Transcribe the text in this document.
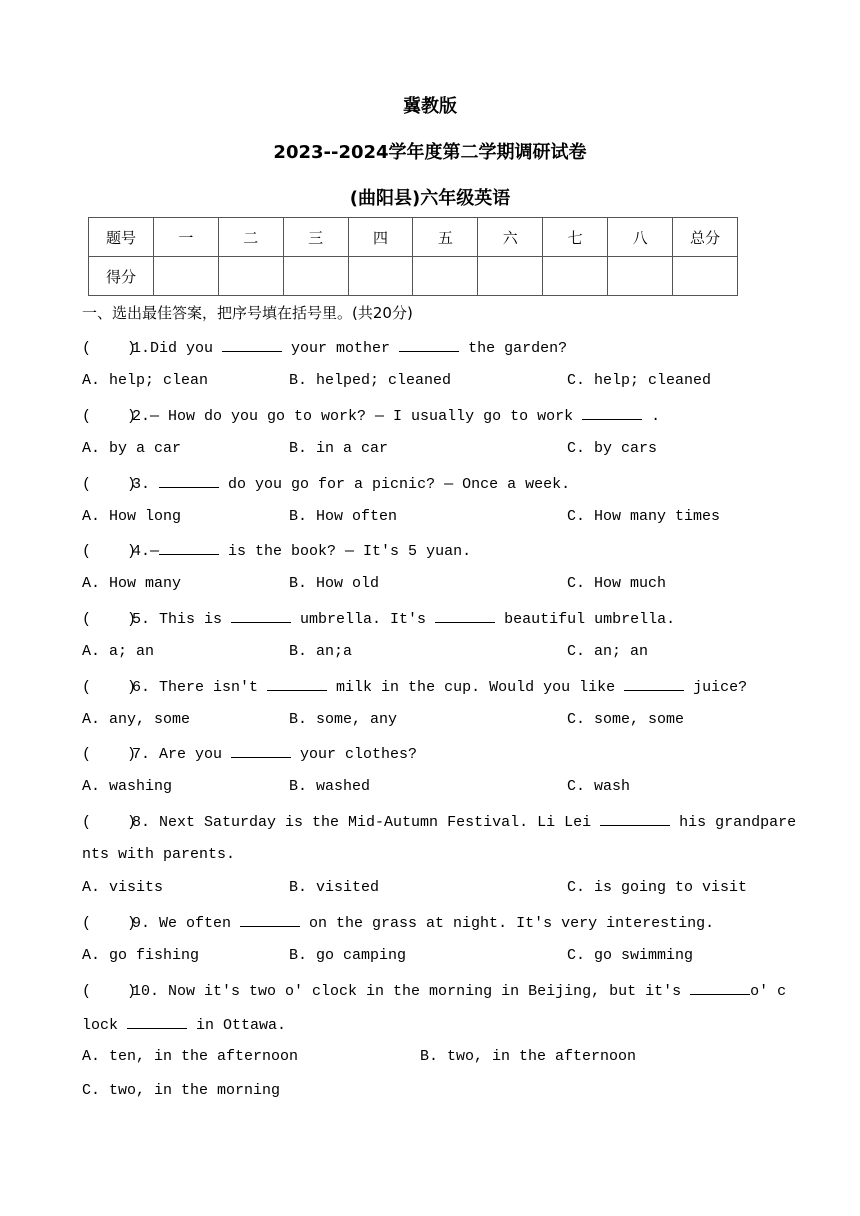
冀教版
2023--2024学年度第二学期调研试卷
(曲阳县)六年级英语
题号	一	二	三	四	五	六	七	八	总分
得分									
一、选出最佳答案，把序号填在括号里。(共20分)
(    )1.Did you	your mother	the garden?
A. help; clean	B. helped; cleaned	C. help; cleaned
(    )2.— How do you go to work? — I usually go to work	.
A. by a car	B. in a car	C. by cars
(    )3.	do you go for a picnic? — Once a week.
A. How long	B. How often	C. How many times
(    )4.—	is the book? — It's 5 yuan.
A. How many	B. How old	C. How much
(    )5. This is	umbrella. It's	beautiful umbrella.
A. a; an	B. an;a	C. an; an
(    )6. There isn't	milk in the cup. Would you like	juice?
A. any, some	B. some, any	C. some, some
(    )7. Are you	your clothes?
A. washing	B. washed	C. wash
(    )8. Next Saturday is the Mid-Autumn Festival. Li Lei	his grandpare
nts with parents.
A. visits	B. visited	C. is going to visit
(    )9. We often	on the grass at night. It's very interesting.
A. go fishing	B. go camping	C. go swimming
(    )10. Now it's two o' clock in the morning in Beijing, but it's	o' c
lock	in Ottawa.
A. ten, in the afternoon	B. two, in the afternoon
C. two, in the morning
